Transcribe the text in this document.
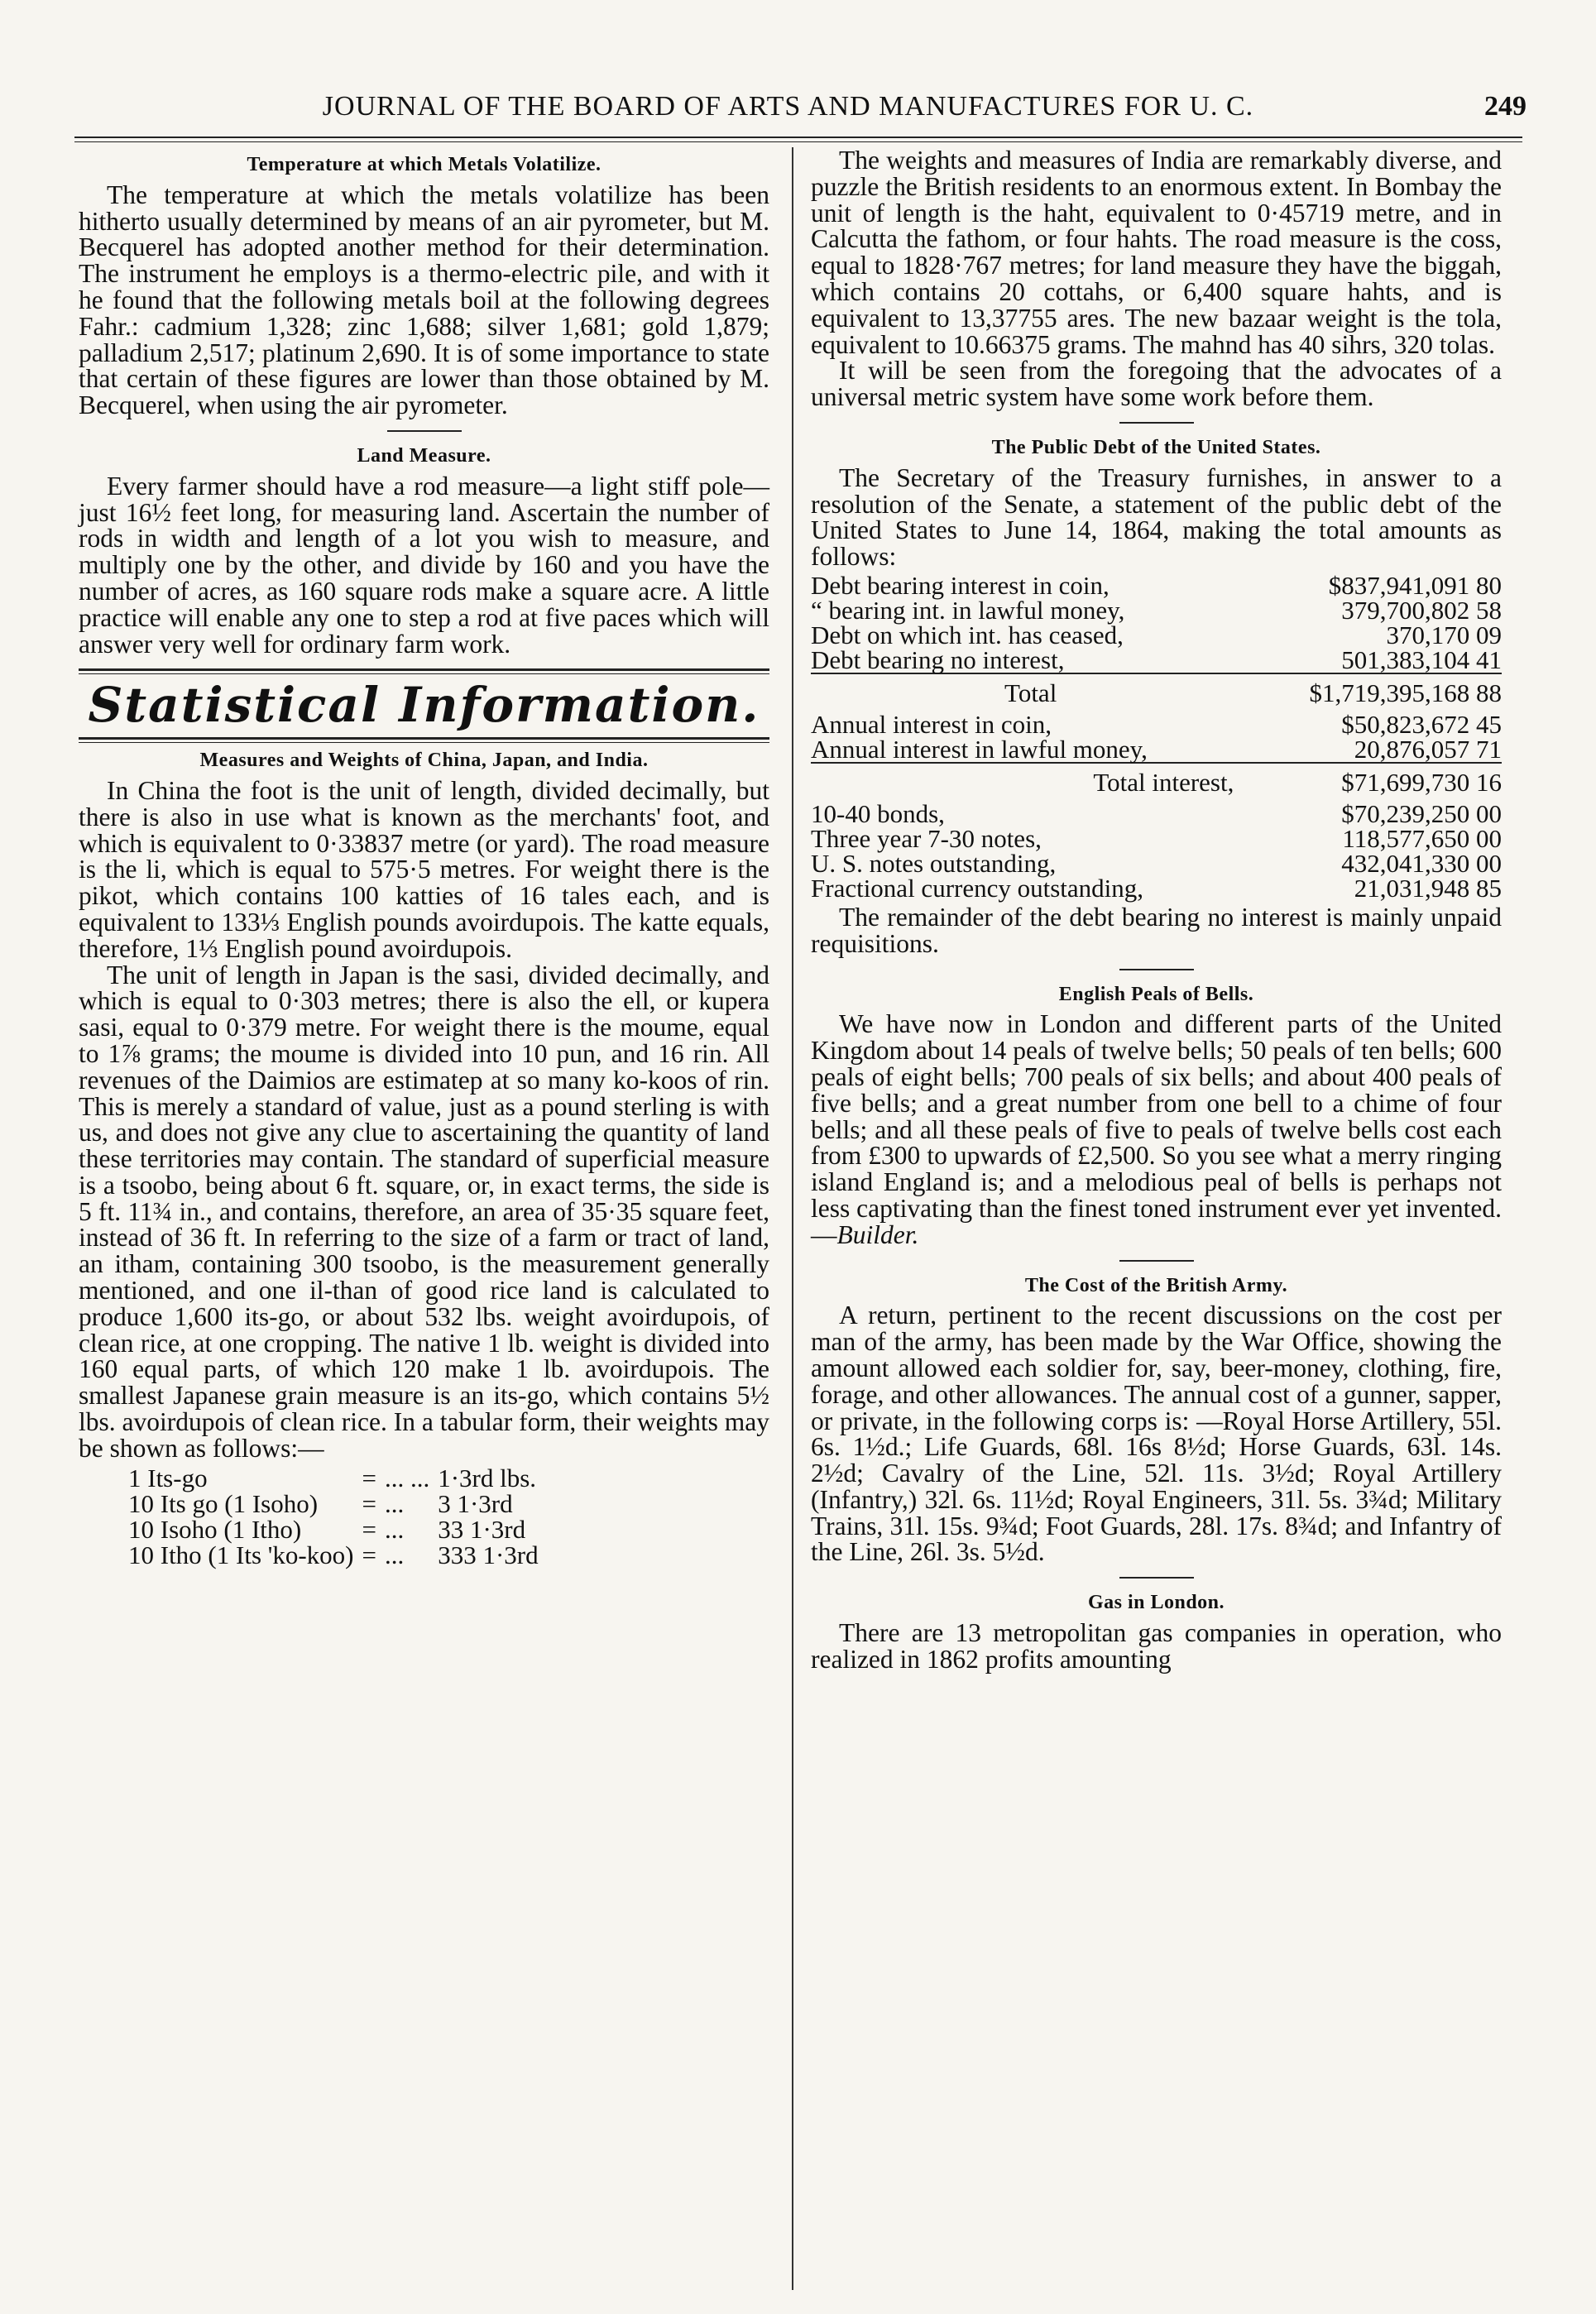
JOURNAL OF THE BOARD OF ARTS AND MANUFACTURES FOR U. C.	249
Temperature at which Metals Volatilize.

The temperature at which the metals volatilize has been hitherto usually determined by means of an air pyrometer, but M. Becquerel has adopted another method for their determination. The instrument he employs is a thermo-electric pile, and with it he found that the following metals boil at the following degrees Fahr.: cadmium 1,328; zinc 1,688; silver 1,681; gold 1,879; palladium 2,517; platinum 2,690. It is of some importance to state that certain of these figures are lower than those obtained by M. Becquerel, when using the air pyrometer.

Land Measure.

Every farmer should have a rod measure—a light stiff pole—just 16½ feet long, for measuring land. Ascertain the number of rods in width and length of a lot you wish to measure, and multiply one by the other, and divide by 160 and you have the number of acres, as 160 square rods make a square acre. A little practice will enable any one to step a rod at five paces which will answer very well for ordinary farm work.

Statistical Information.
Measures and Weights of China, Japan, and India.

In China the foot is the unit of length, divided decimally, but there is also in use what is known as the merchants' foot, and which is equivalent to 0·33837 metre (or yard). The road measure is the li, which is equal to 575·5 metres. For weight there is the pikot, which contains 100 katties of 16 tales each, and is equivalent to 133⅓ English pounds avoirdupois. The katte equals, therefore, 1⅓ English pound avoirdupois.

The unit of length in Japan is the sasi, divided decimally, and which is equal to 0·303 metres; there is also the ell, or kupera sasi, equal to 0·379 metre. For weight there is the moume, equal to 1⅞ grams; the moume is divided into 10 pun, and 16 rin. All revenues of the Daimios are estimatep at so many ko-koos of rin. This is merely a standard of value, just as a pound sterling is with us, and does not give any clue to ascertaining the quantity of land these territories may contain. The standard of superficial measure is a tsoobo, being about 6 ft. square, or, in exact terms, the side is 5 ft. 11¾ in., and contains, therefore, an area of 35·35 square feet, instead of 36 ft. In referring to the size of a farm or tract of land, an itham, containing 300 tsoobo, is the measurement generally mentioned, and one il-than of good rice land is calculated to produce 1,600 its-go, or about 532 lbs. weight avoirdupois, of clean rice, at one cropping. The native 1 lb. weight is divided into 160 equal parts, of which 120 make 1 lb. avoirdupois. The smallest Japanese grain measure is an its-go, which contains 5½ lbs. avoirdupois of clean rice. In a tabular form, their weights may be shown as follows:—

1 Its-go	=	... ...	1·3rd lbs.
10 Its go (1 Isoho)	=	...	3 1·3rd
10 Isoho (1 Itho)	=	...	33 1·3rd
10 Itho (1 Its 'ko-koo)	=	...	333 1·3rd

The weights and measures of India are remarkably diverse, and puzzle the British residents to an enormous extent. In Bombay the unit of length is the haht, equivalent to 0·45719 metre, and in Calcutta the fathom, or four hahts. The road measure is the coss, equal to 1828·767 metres; for land measure they have the biggah, which contains 20 cottahs, or 6,400 square hahts, and is equivalent to 13,37755 ares. The new bazaar weight is the tola, equivalent to 10.66375 grams. The mahnd has 40 sihrs, 320 tolas.

It will be seen from the foregoing that the advocates of a universal metric system have some work before them.

The Public Debt of the United States.

The Secretary of the Treasury furnishes, in answer to a resolution of the Senate, a statement of the public debt of the United States to June 14, 1864, making the total amounts as follows:

Debt bearing interest in coin,	$837,941,091 80
“ bearing int. in lawful money,	379,700,802 58
Debt on which int. has ceased,	370,170 09
Debt bearing no interest,	501,383,104 41
Total	$1,719,395,168 88
Annual interest in coin,	$50,823,672 45
Annual interest in lawful money,	20,876,057 71
Total interest,	$71,699,730 16
10-40 bonds,	$70,239,250 00
Three year 7-30 notes,	118,577,650 00
U. S. notes outstanding,	432,041,330 00
Fractional currency outstanding,	21,031,948 85

The remainder of the debt bearing no interest is mainly unpaid requisitions.

English Peals of Bells.

We have now in London and different parts of the United Kingdom about 14 peals of twelve bells; 50 peals of ten bells; 600 peals of eight bells; 700 peals of six bells; and about 400 peals of five bells; and a great number from one bell to a chime of four bells; and all these peals of five to peals of twelve bells cost each from £300 to upwards of £2,500. So you see what a merry ringing island England is; and a melodious peal of bells is perhaps not less captivating than the finest toned instrument ever yet invented.—Builder.

The Cost of the British Army.

A return, pertinent to the recent discussions on the cost per man of the army, has been made by the War Office, showing the amount allowed each soldier for, say, beer-money, clothing, fire, forage, and other allowances. The annual cost of a gunner, sapper, or private, in the following corps is: —Royal Horse Artillery, 55l. 6s. 1½d.; Life Guards, 68l. 16s 8½d; Horse Guards, 63l. 14s. 2½d; Cavalry of the Line, 52l. 11s. 3½d; Royal Artillery (Infantry,) 32l. 6s. 11½d; Royal Engineers, 31l. 5s. 3¾d; Military Trains, 31l. 15s. 9¾d; Foot Guards, 28l. 17s. 8¾d; and Infantry of the Line, 26l. 3s. 5½d.

Gas in London.

There are 13 metropolitan gas companies in operation, who realized in 1862 profits amounting
